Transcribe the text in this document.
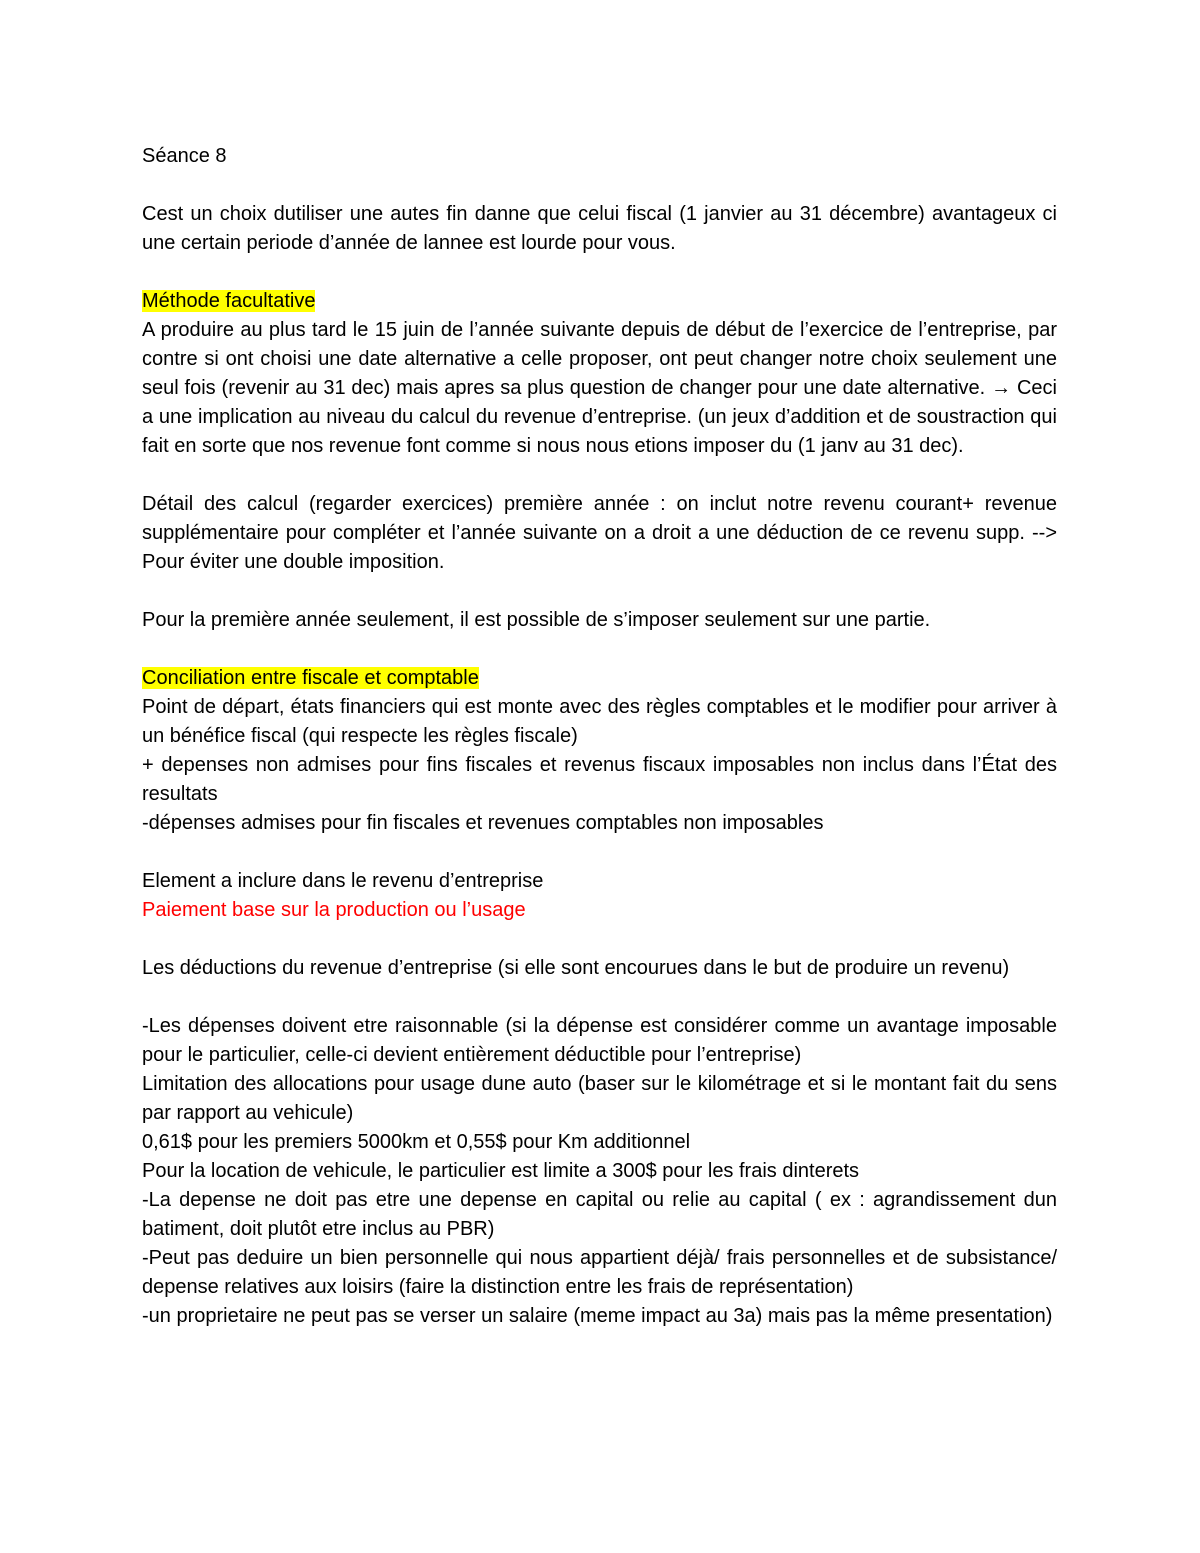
Séance 8

Cest un choix dutiliser une autes fin danne que celui fiscal (1 janvier au 31 décembre) avantageux ci une certain periode d’année de lannee est lourde pour vous.

Méthode facultative

A produire au plus tard le 15 juin de l’année suivante depuis de début de l’exercice de l’entreprise, par contre si ont choisi une date alternative a celle proposer, ont peut changer notre choix seulement une seul fois (revenir au 31 dec) mais apres sa plus question de changer pour une date alternative. → Ceci a une implication au niveau du calcul du revenue d’entreprise. (un jeux d’addition et de soustraction qui fait en sorte que nos revenue font comme si nous nous etions imposer du (1 janv au 31 dec).

Détail des calcul (regarder exercices) première année : on inclut notre revenu courant+ revenue supplémentaire pour compléter et l’année suivante on a droit a une déduction de ce revenu supp. --> Pour éviter une double imposition.

Pour la première année seulement, il est possible de s’imposer seulement sur une partie.

Conciliation entre fiscale et comptable

Point de départ, états financiers qui est monte avec des règles comptables et le modifier pour arriver à un bénéfice fiscal (qui respecte les règles fiscale)

+ depenses non admises pour fins fiscales et revenus fiscaux imposables non inclus dans l’État des resultats

-dépenses admises pour fin fiscales et revenues comptables non imposables

Element a inclure dans le revenu d’entreprise

Paiement base sur la production ou l’usage

Les déductions du revenue d’entreprise (si elle sont encourues dans le but de produire un revenu)

-Les dépenses doivent etre raisonnable (si la dépense est considérer comme un avantage imposable pour le particulier, celle-ci devient entièrement déductible pour l’entreprise)

Limitation des allocations pour usage dune auto (baser sur le kilométrage et si le montant fait du sens par rapport au vehicule)

0,61$ pour les premiers 5000km et 0,55$ pour Km additionnel

Pour la location de vehicule, le particulier est limite a 300$ pour les frais dinterets

-La depense ne doit pas etre une depense en capital ou relie au capital ( ex : agrandissement dun batiment, doit plutôt etre inclus au PBR)

-Peut pas deduire un bien personnelle qui nous appartient déjà/ frais personnelles et de subsistance/ depense relatives aux loisirs (faire la distinction entre les frais de représentation)

-un proprietaire ne peut pas se verser un salaire (meme impact au 3a) mais pas la même presentation)
